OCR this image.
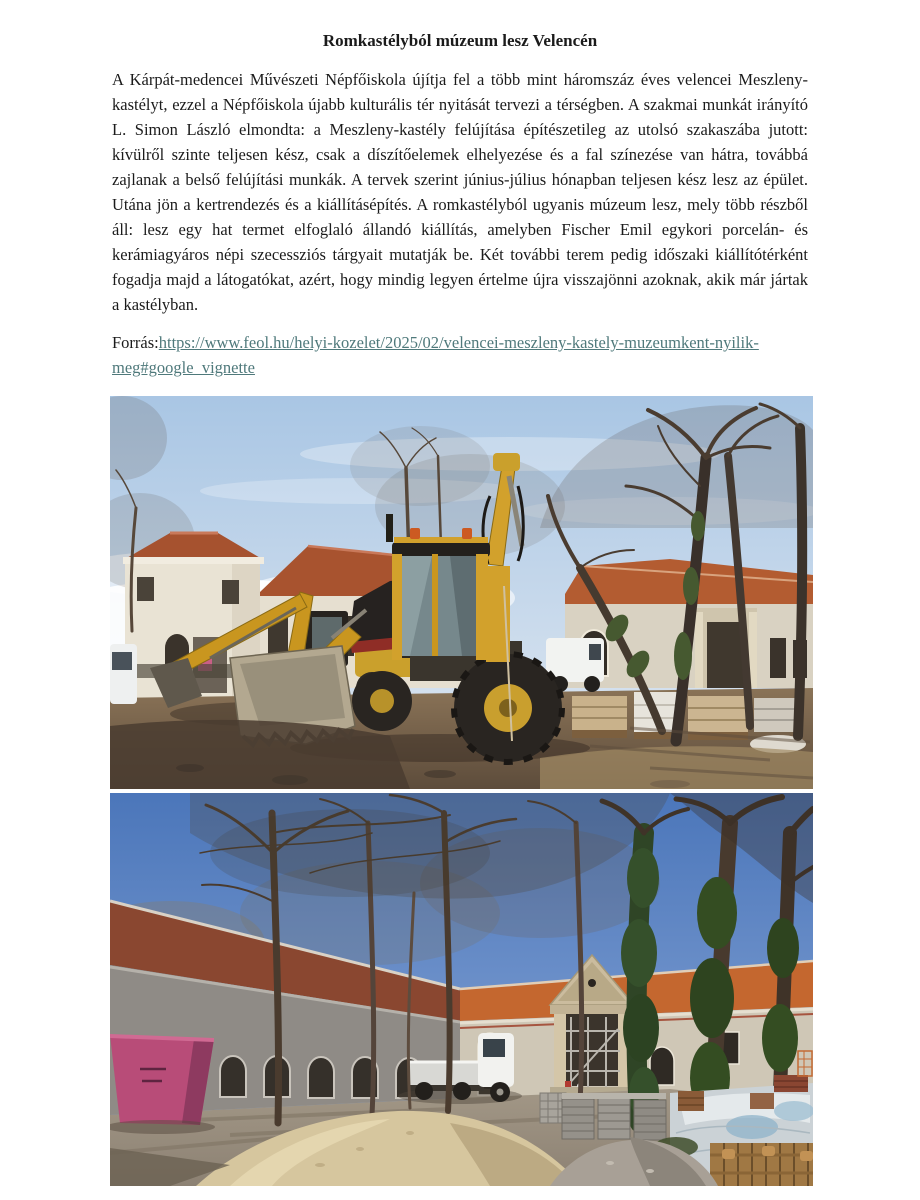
Romkastélyból múzeum lesz Velencén
A Kárpát-medencei Művészeti Népfőiskola újítja fel a több mint háromszáz éves velencei Meszleny-kastélyt, ezzel a Népfőiskola újabb kulturális tér nyitását tervezi a térségben. A szakmai munkát irányító L. Simon László elmondta: a Meszleny-kastély felújítása építészetileg az utolsó szakaszába jutott: kívülről szinte teljesen kész, csak a díszítőelemek elhelyezése és a fal színezése van hátra, továbbá zajlanak a belső felújítási munkák. A tervek szerint június-július hónapban teljesen kész lesz az épület. Utána jön a kertrendezés és a kiállításépítés. A romkastélyból ugyanis múzeum lesz, mely több részből áll: lesz egy hat termet elfoglaló állandó kiállítás, amelyben Fischer Emil egykori porcelán- és kerámiagyáros népi szecessziós tárgyait mutatják be. Két további terem pedig időszaki kiállítótérként fogadja majd a látogatókat, azért, hogy mindig legyen értelme újra visszajönni azoknak, akik már jártak a kastélyban.
Forrás:https://www.feol.hu/helyi-kozelet/2025/02/velencei-meszleny-kastely-muzeumkent-nyilik-meg#google_vignette
